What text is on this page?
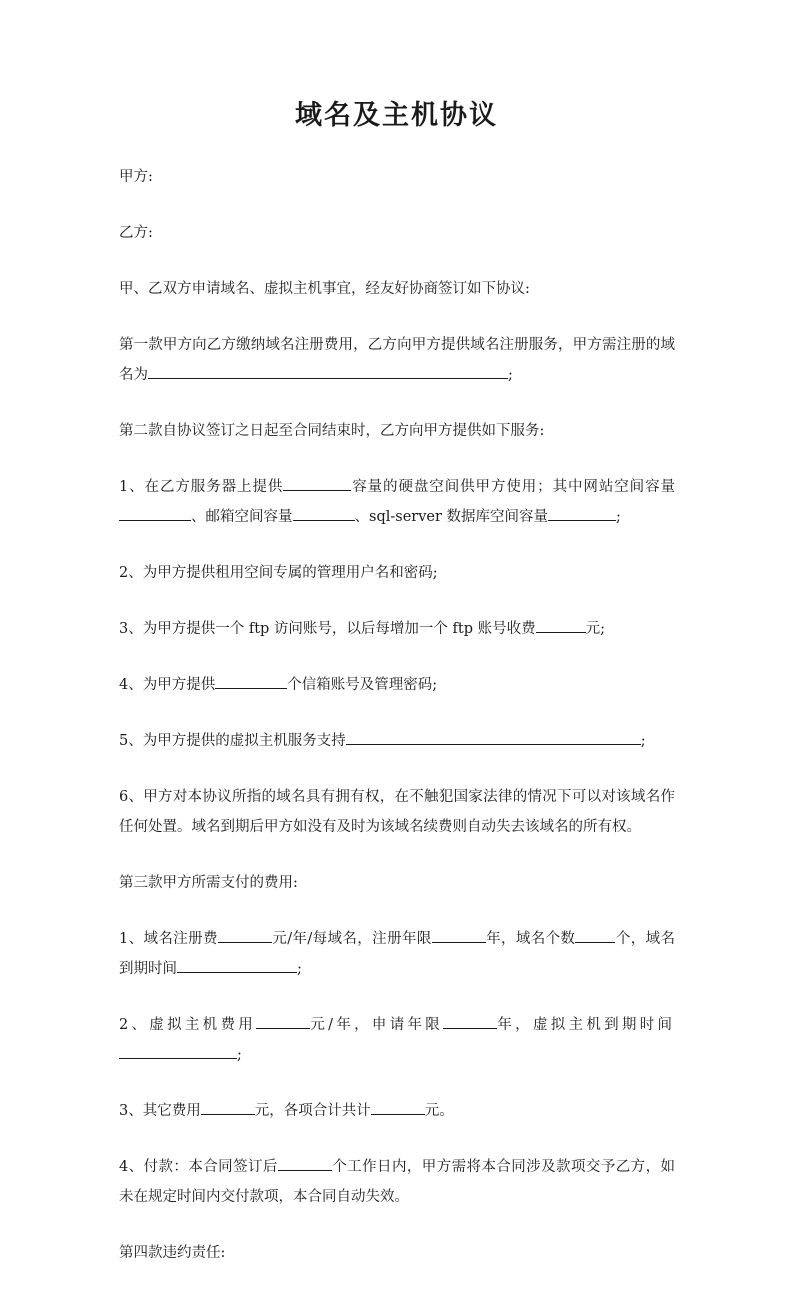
域名及主机协议

甲方:

乙方:

甲、乙双方申请域名、虚拟主机事宜，经友好协商签订如下协议:

第一款甲方向乙方缴纳域名注册费用，乙方向甲方提供域名注册服务，甲方需注册的域名为	;

第二款自协议签订之日起至合同结束时，乙方向甲方提供如下服务:

1、在乙方服务器上提供	容量的硬盘空间供甲方使用；其中网站空间容量、邮箱空间容量	、sql-server 数据库空间容量	;

2、为甲方提供租用空间专属的管理用户名和密码;

3、为甲方提供一个 ftp 访问账号，以后每增加一个 ftp 账号收费	元;

4、为甲方提供	个信箱账号及管理密码;

5、为甲方提供的虚拟主机服务支持	;

6、甲方对本协议所指的域名具有拥有权，在不触犯国家法律的情况下可以对该域名作任何处置。域名到期后甲方如没有及时为该域名续费则自动失去该域名的所有权。

第三款甲方所需支付的费用:

1、域名注册费	元/年/每域名，注册年限	年，域名个数	个，域名到期时间	;

2、虚拟主机费用	元/年，申请年限	年，虚拟主机到期时间;

3、其它费用	元，各项合计共计	元。

4、付款：本合同签订后	个工作日内，甲方需将本合同涉及款项交予乙方，如未在规定时间内交付款项，本合同自动失效。

第四款违约责任:
